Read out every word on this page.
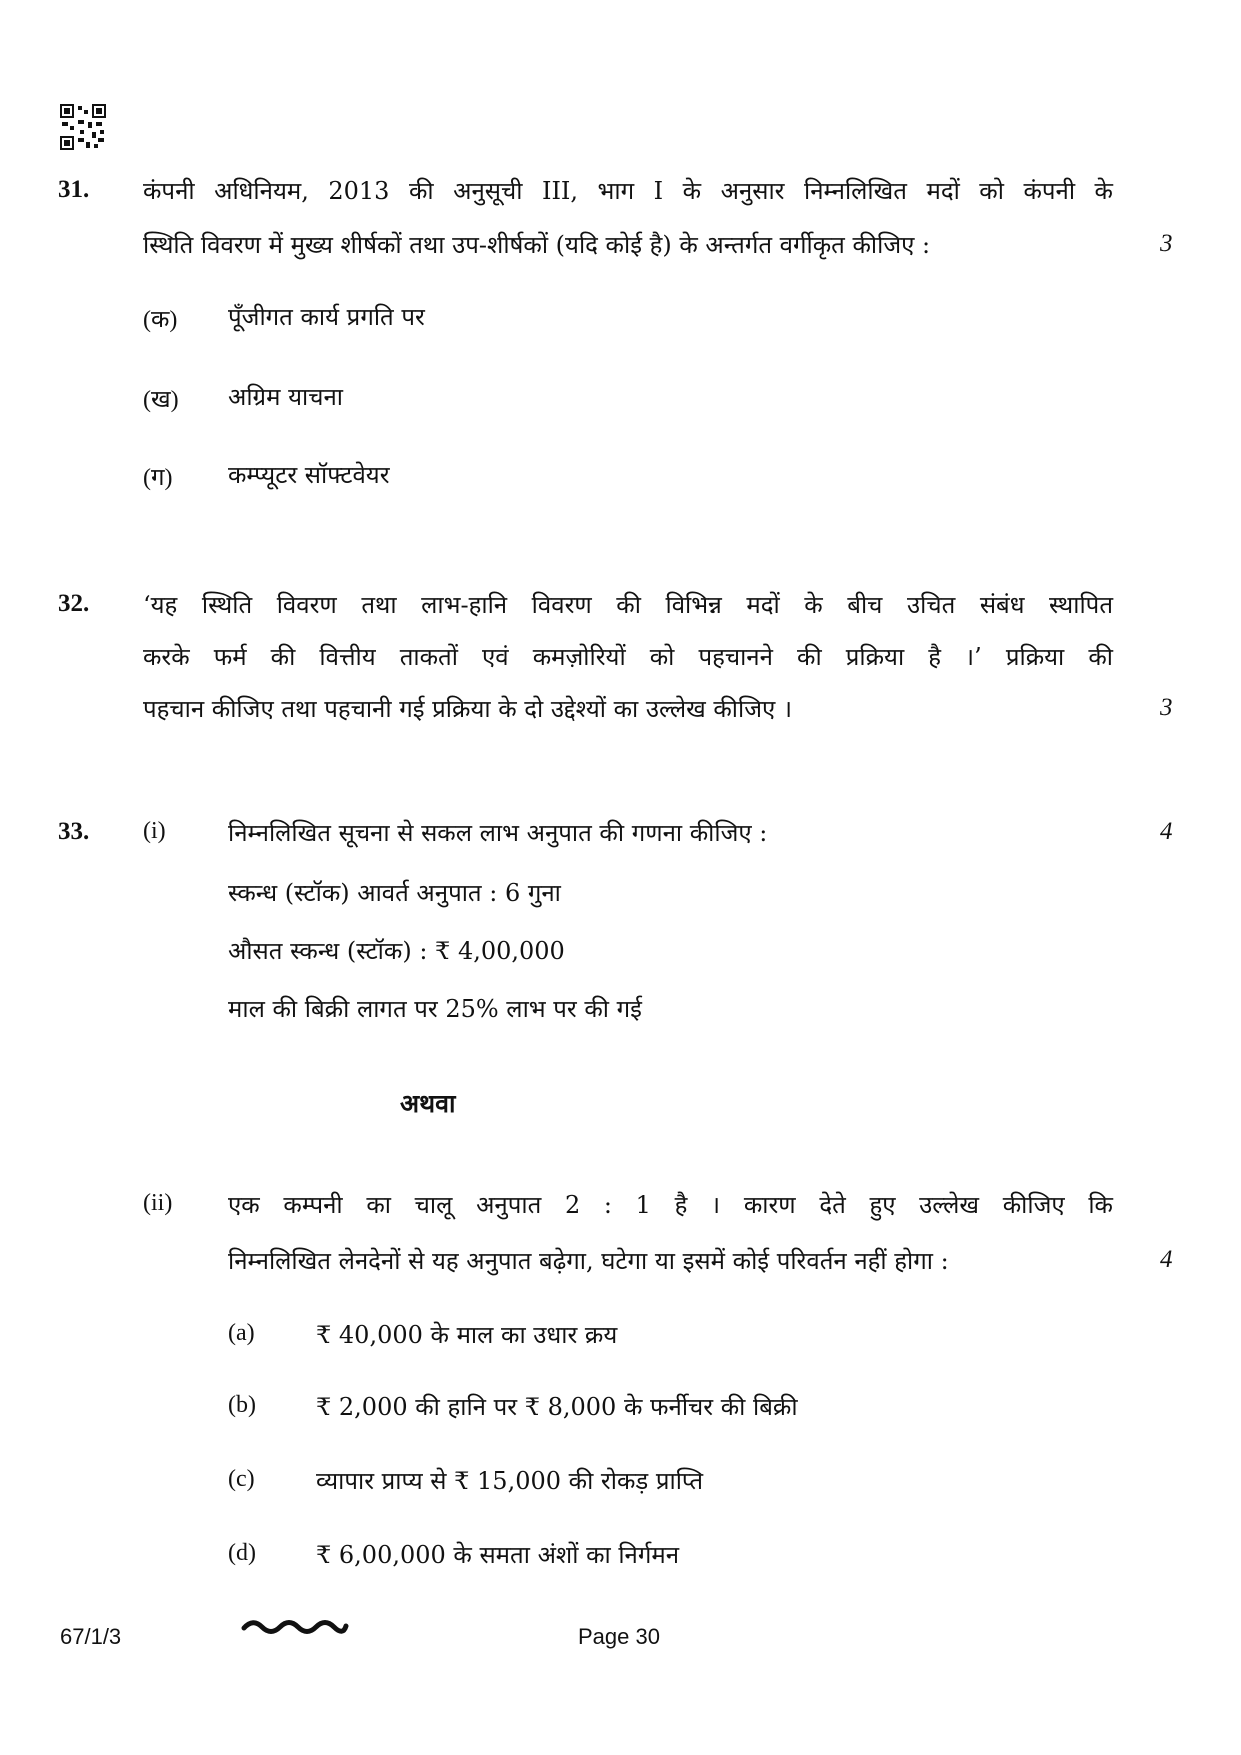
31. कंपनी अधिनियम, 2013 की अनुसूची III, भाग I के अनुसार निम्नलिखित मदों को कंपनी के
स्थिति विवरण में मुख्य शीर्षकों तथा उप-शीर्षकों (यदि कोई है) के अन्तर्गत वर्गीकृत कीजिए :	3
(क) पूँजीगत कार्य प्रगति पर
(ख) अग्रिम याचना
(ग) कम्प्यूटर सॉफ्टवेयर
32. ‘यह स्थिति विवरण तथा लाभ-हानि विवरण की विभिन्न मदों के बीच उचित संबंध स्थापित
करके फर्म की वित्तीय ताकतों एवं कमज़ोरियों को पहचानने की प्रक्रिया है ।’ प्रक्रिया की
पहचान कीजिए तथा पहचानी गई प्रक्रिया के दो उद्देश्यों का उल्लेख कीजिए ।	3
33. (i)	निम्नलिखित सूचना से सकल लाभ अनुपात की गणना कीजिए :	4
स्कन्ध (स्टॉक) आवर्त अनुपात : 6 गुना
औसत स्कन्ध (स्टॉक) : ₹ 4,00,000
माल की बिक्री लागत पर 25% लाभ पर की गई
अथवा
(ii) एक कम्पनी का चालू अनुपात 2 : 1 है । कारण देते हुए उल्लेख कीजिए कि
निम्नलिखित लेनदेनों से यह अनुपात बढ़ेगा, घटेगा या इसमें कोई परिवर्तन नहीं होगा :	4
(a)	₹ 40,000 के माल का उधार क्रय
(b)	₹ 2,000 की हानि पर ₹ 8,000 के फर्नीचर की बिक्री
(c)	व्यापार प्राप्य से ₹ 15,000 की रोकड़ प्राप्ति
(d)	₹ 6,00,000 के समता अंशों का निर्गमन
67/1/3	Page 30
